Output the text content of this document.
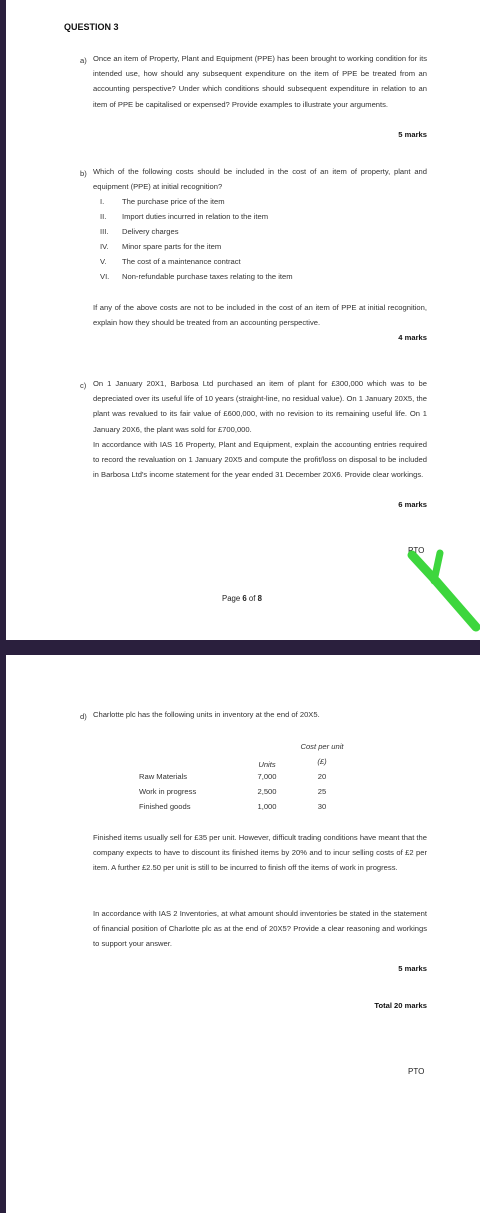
QUESTION 3
a) Once an item of Property, Plant and Equipment (PPE) has been brought to working condition for its intended use, how should any subsequent expenditure on the item of PPE be treated from an accounting perspective? Under which conditions should subsequent expenditure in relation to an item of PPE be capitalised or expensed? Provide examples to illustrate your arguments.
5 marks
b) Which of the following costs should be included in the cost of an item of property, plant and equipment (PPE) at initial recognition?
I.	The purchase price of the item
II.	Import duties incurred in relation to the item
III.	Delivery charges
IV.	Minor spare parts for the item
V.	The cost of a maintenance contract
VI.	Non-refundable purchase taxes relating to the item
If any of the above costs are not to be included in the cost of an item of PPE at initial recognition, explain how they should be treated from an accounting perspective.
4 marks
c) On 1 January 20X1, Barbosa Ltd purchased an item of plant for £300,000 which was to be depreciated over its useful life of 10 years (straight-line, no residual value). On 1 January 20X5, the plant was revalued to its fair value of £600,000, with no revision to its remaining useful life. On 1 January 20X6, the plant was sold for £700,000.
In accordance with IAS 16 Property, Plant and Equipment, explain the accounting entries required to record the revaluation on 1 January 20X5 and compute the profit/loss on disposal to be included in Barbosa Ltd's income statement for the year ended 31 December 20X6. Provide clear workings.
6 marks
PTO
Page 6 of 8
d) Charlotte plc has the following units in inventory at the end of 20X5.
	Units	Cost per unit
		(£)
Raw Materials	7,000	20
Work in progress	2,500	25
Finished goods	1,000	30
Finished items usually sell for £35 per unit. However, difficult trading conditions have meant that the company expects to have to discount its finished items by 20% and to incur selling costs of £2 per item. A further £2.50 per unit is still to be incurred to finish off the items of work in progress.
In accordance with IAS 2 Inventories, at what amount should inventories be stated in the statement of financial position of Charlotte plc as at the end of 20X5? Provide a clear reasoning and workings to support your answer.
5 marks
Total 20 marks
PTO
